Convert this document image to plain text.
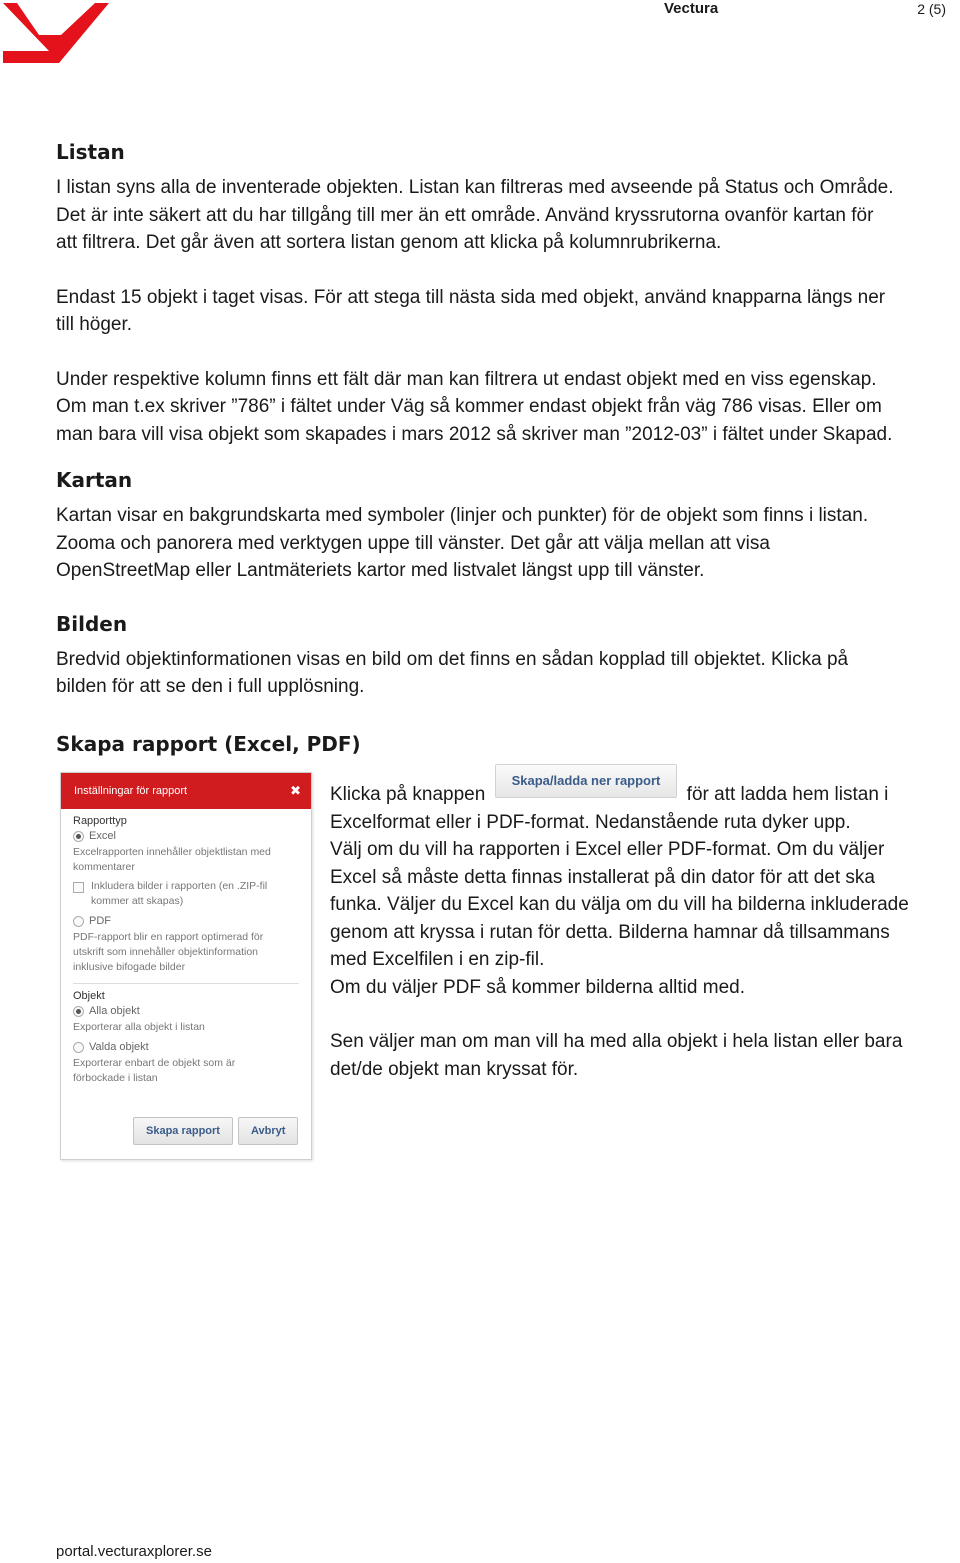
Vectura	2 (5)
Listan

I listan syns alla de inventerade objekten. Listan kan filtreras med avseende på Status och Område.
Det är inte säkert att du har tillgång till mer än ett område. Använd kryssrutorna ovanför kartan för
att filtrera. Det går även att sortera listan genom att klicka på kolumnrubrikerna.

Endast 15 objekt i taget visas. För att stega till nästa sida med objekt, använd knapparna längs ner
till höger.

Under respektive kolumn finns ett fält där man kan filtrera ut endast objekt med en viss egenskap.
Om man t.ex skriver ”786” i fältet under Väg så kommer endast objekt från väg 786 visas. Eller om
man bara vill visa objekt som skapades i mars 2012 så skriver man ”2012-03” i fältet under Skapad.

Kartan

Kartan visar en bakgrundskarta med symboler (linjer och punkter) för de objekt som finns i listan.
Zooma och panorera med verktygen uppe till vänster. Det går att välja mellan att visa
OpenStreetMap eller Lantmäteriets kartor med listvalet längst upp till vänster.

Bilden

Bredvid objektinformationen visas en bild om det finns en sådan kopplad till objektet. Klicka på
bilden för att se den i full upplösning.

Skapa rapport (Excel, PDF)
Inställningar för rapport	✖
Rapporttyp
Excel
Excelrapporten innehåller objektlistan med
kommentarer
Inkludera bilder i rapporten (en .ZIP-fil
kommer att skapas)
PDF
PDF-rapport blir en rapport optimerad för
utskrift som innehåller objektinformation
inklusive bifogade bilder
Objekt
Alla objekt
Exporterar alla objekt i listan
Valda objekt
Exporterar enbart de objekt som är
förbockade i listan
Skapa rapport	Avbryt

Klicka på knappen Skapa/ladda ner rapport för att ladda hem listan i
Excelformat eller i PDF-format. Nedanstående ruta dyker upp.
Välj om du vill ha rapporten i Excel eller PDF-format. Om du väljer
Excel så måste detta finnas installerat på din dator för att det ska
funka. Väljer du Excel kan du välja om du vill ha bilderna inkluderade
genom att kryssa i rutan för detta. Bilderna hamnar då tillsammans
med Excelfilen i en zip-fil.
Om du väljer PDF så kommer bilderna alltid med.

Sen väljer man om man vill ha med alla objekt i hela listan eller bara
det/de objekt man kryssat för.

portal.vecturaxplorer.se
